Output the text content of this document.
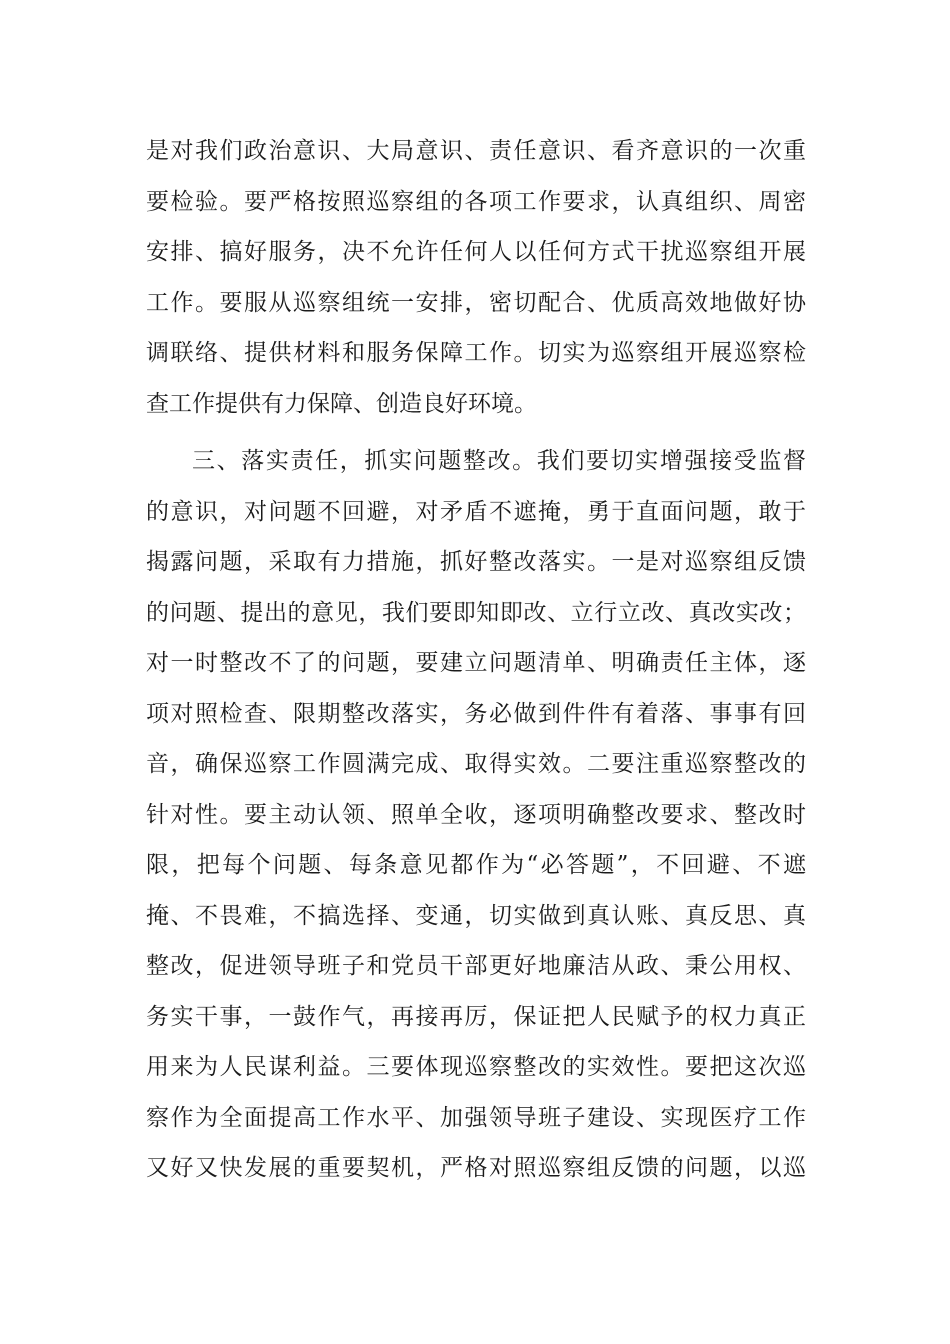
是对我们政治意识、大局意识、责任意识、看齐意识的一次重
要检验。要严格按照巡察组的各项工作要求，认真组织、周密
安排、搞好服务，决不允许任何人以任何方式干扰巡察组开展
工作。要服从巡察组统一安排，密切配合、优质高效地做好协
调联络、提供材料和服务保障工作。切实为巡察组开展巡察检
查工作提供有力保障、创造良好环境。
三、落实责任，抓实问题整改。我们要切实增强接受监督
的意识，对问题不回避，对矛盾不遮掩，勇于直面问题，敢于
揭露问题，采取有力措施，抓好整改落实。一是对巡察组反馈
的问题、提出的意见，我们要即知即改、立行立改、真改实改；
对一时整改不了的问题，要建立问题清单、明确责任主体，逐
项对照检查、限期整改落实，务必做到件件有着落、事事有回
音，确保巡察工作圆满完成、取得实效。二要注重巡察整改的
针对性。要主动认领、照单全收，逐项明确整改要求、整改时
限，把每个问题、每条意见都作为“必答题”，不回避、不遮
掩、不畏难，不搞选择、变通，切实做到真认账、真反思、真
整改，促进领导班子和党员干部更好地廉洁从政、秉公用权、
务实干事，一鼓作气，再接再厉，保证把人民赋予的权力真正
用来为人民谋利益。三要体现巡察整改的实效性。要把这次巡
察作为全面提高工作水平、加强领导班子建设、实现医疗工作
又好又快发展的重要契机，严格对照巡察组反馈的问题，以巡
